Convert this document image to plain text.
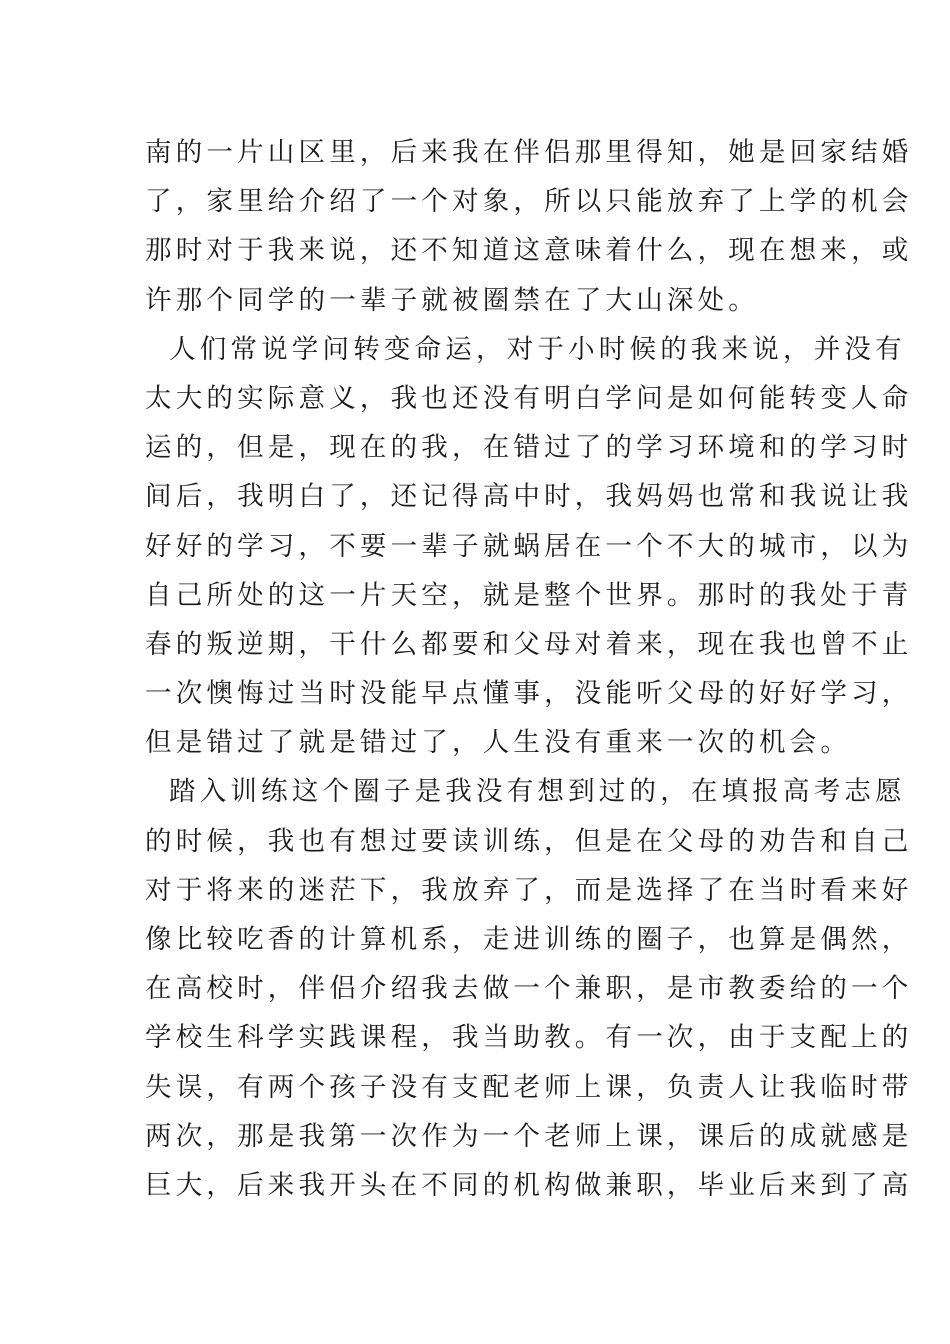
南的一片山区里，后来我在伴侣那里得知，她是回家结婚
了，家里给介绍了一个对象，所以只能放弃了上学的机会
那时对于我来说，还不知道这意味着什么，现在想来，或
许那个同学的一辈子就被圈禁在了大山深处。
人们常说学问转变命运，对于小时候的我来说，并没有
太大的实际意义，我也还没有明白学问是如何能转变人命
运的，但是，现在的我，在错过了的学习环境和的学习时
间后，我明白了，还记得高中时，我妈妈也常和我说让我
好好的学习，不要一辈子就蜗居在一个不大的城市，以为
自己所处的这一片天空，就是整个世界。那时的我处于青
春的叛逆期，干什么都要和父母对着来，现在我也曾不止
一次懊悔过当时没能早点懂事，没能听父母的好好学习，
但是错过了就是错过了，人生没有重来一次的机会。
踏入训练这个圈子是我没有想到过的，在填报高考志愿
的时候，我也有想过要读训练，但是在父母的劝告和自己
对于将来的迷茫下，我放弃了，而是选择了在当时看来好
像比较吃香的计算机系，走进训练的圈子，也算是偶然，
在高校时，伴侣介绍我去做一个兼职，是市教委给的一个
学校生科学实践课程，我当助教。有一次，由于支配上的
失误，有两个孩子没有支配老师上课，负责人让我临时带
两次，那是我第一次作为一个老师上课，课后的成就感是
巨大，后来我开头在不同的机构做兼职，毕业后来到了高
